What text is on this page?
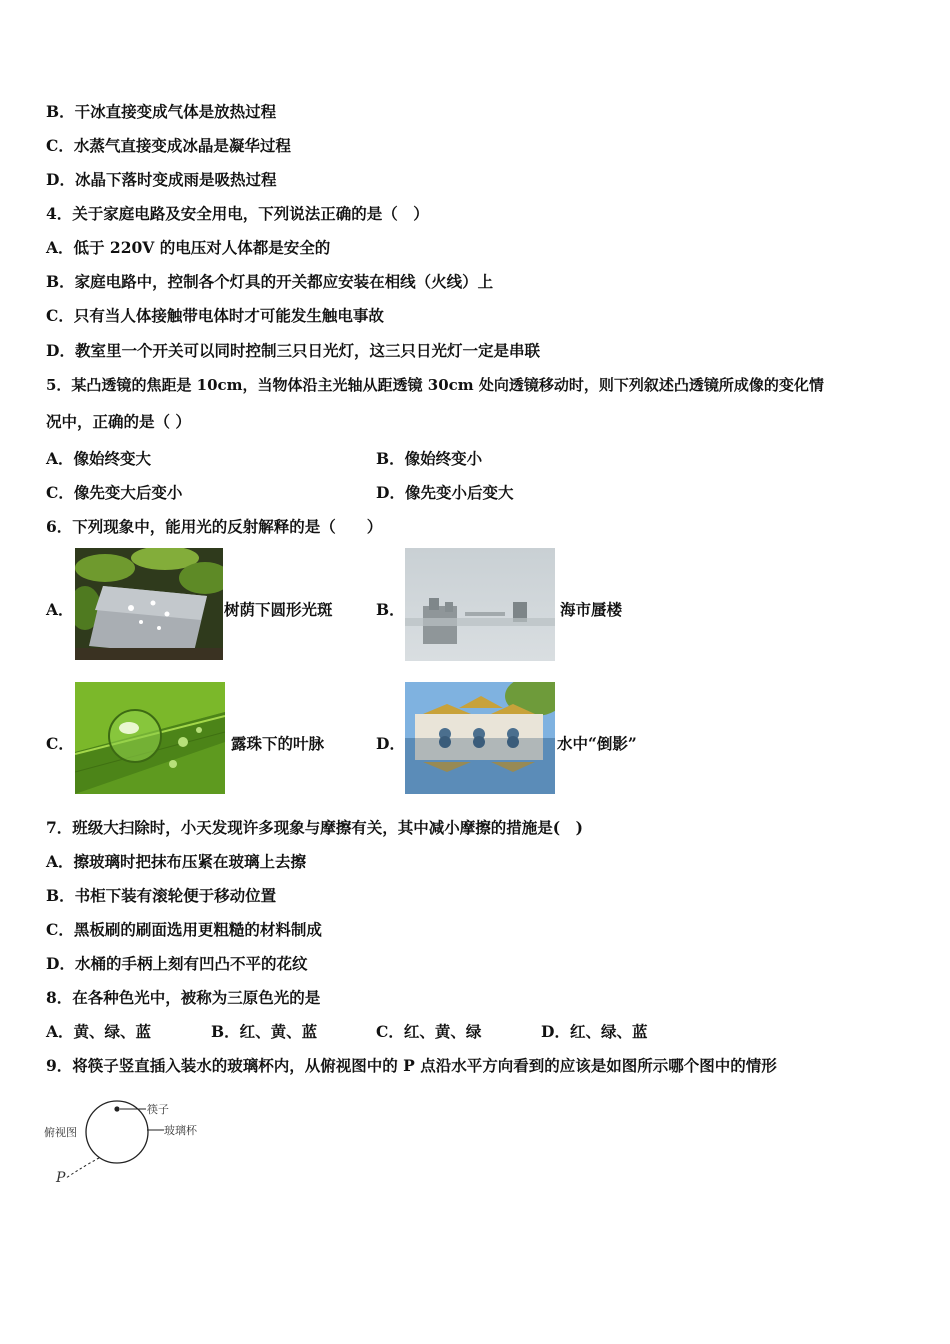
B．干冰直接变成气体是放热过程
C．水蒸气直接变成冰晶是凝华过程
D．冰晶下落时变成雨是吸热过程
4．关于家庭电路及安全用电，下列说法正确的是（　）
A．低于 220V 的电压对人体都是安全的
B．家庭电路中，控制各个灯具的开关都应安装在相线（火线）上
C．只有当人体接触带电体时才可能发生触电事故
D．教室里一个开关可以同时控制三只日光灯，这三只日光灯一定是串联
5．某凸透镜的焦距是 10cm，当物体沿主光轴从距透镜 30cm 处向透镜移动时，则下列叙述凸透镜所成像的变化情
况中，正确的是（ ）
A．像始终变大	B．像始终变小
C．像先变大后变小	D．像先变小后变大
6．下列现象中，能用光的反射解释的是（　　）
A．	树荫下圆形光斑	B．	海市蜃楼
C．	露珠下的叶脉	D．	水中“倒影”
7．班级大扫除时，小天发现许多现象与摩擦有关，其中减小摩擦的措施是(　)
A．擦玻璃时把抹布压紧在玻璃上去擦
B．书柜下装有滚轮便于移动位置
C．黑板刷的刷面选用更粗糙的材料制成
D．水桶的手柄上刻有凹凸不平的花纹
8．在各种色光中，被称为三原色光的是
A．黄、绿、蓝	B．红、黄、蓝	C．红、黄、绿	D．红、绿、蓝
9．将筷子竖直插入装水的玻璃杯内，从俯视图中的 P 点沿水平方向看到的应该是如图所示哪个图中的情形
俯视图
筷子
玻璃杯
P
